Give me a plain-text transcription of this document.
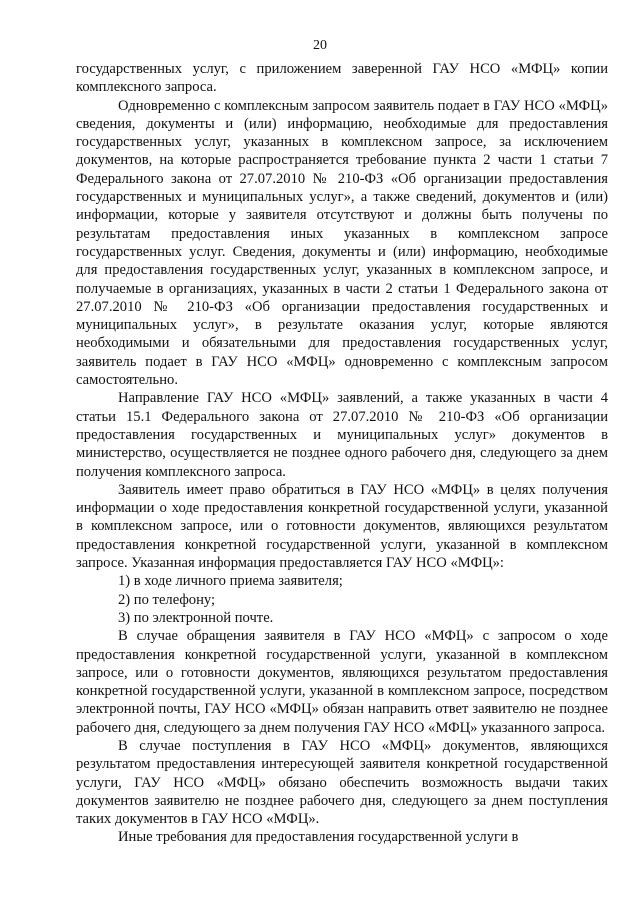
20

государственных услуг, с приложением заверенной ГАУ НСО «МФЦ» копии комплексного запроса.

Одновременно с комплексным запросом заявитель подает в ГАУ НСО «МФЦ» сведения, документы и (или) информацию, необходимые для предоставления государственных услуг, указанных в комплексном запросе, за исключением документов, на которые распространяется требование пункта 2 части 1 статьи 7 Федерального закона от 27.07.2010 № 210-ФЗ «Об организации предоставления государственных и муниципальных услуг», а также сведений, документов и (или) информации, которые у заявителя отсутствуют и должны быть получены по результатам предоставления иных указанных в комплексном запросе государственных услуг. Сведения, документы и (или) информацию, необходимые для предоставления государственных услуг, указанных в комплексном запросе, и получаемые в организациях, указанных в части 2 статьи 1 Федерального закона от 27.07.2010 № 210-ФЗ «Об организации предоставления государственных и муниципальных услуг», в результате оказания услуг, которые являются необходимыми и обязательными для предоставления государственных услуг, заявитель подает в ГАУ НСО «МФЦ» одновременно с комплексным запросом самостоятельно.

Направление ГАУ НСО «МФЦ» заявлений, а также указанных в части 4 статьи 15.1 Федерального закона от 27.07.2010 № 210-ФЗ «Об организации предоставления государственных и муниципальных услуг» документов в министерство, осуществляется не позднее одного рабочего дня, следующего за днем получения комплексного запроса.

Заявитель имеет право обратиться в ГАУ НСО «МФЦ» в целях получения информации о ходе предоставления конкретной государственной услуги, указанной в комплексном запросе, или о готовности документов, являющихся результатом предоставления конкретной государственной услуги, указанной в комплексном запросе. Указанная информация предоставляется ГАУ НСО «МФЦ»:

1) в ходе личного приема заявителя;

2) по телефону;

3) по электронной почте.

В случае обращения заявителя в ГАУ НСО «МФЦ» с запросом о ходе предоставления конкретной государственной услуги, указанной в комплексном запросе, или о готовности документов, являющихся результатом предоставления конкретной государственной услуги, указанной в комплексном запросе, посредством электронной почты, ГАУ НСО «МФЦ» обязан направить ответ заявителю не позднее рабочего дня, следующего за днем получения ГАУ НСО «МФЦ» указанного запроса.

В случае поступления в ГАУ НСО «МФЦ» документов, являющихся результатом предоставления интересующей заявителя конкретной государственной услуги, ГАУ НСО «МФЦ» обязано обеспечить возможность выдачи таких документов заявителю не позднее рабочего дня, следующего за днем поступления таких документов в ГАУ НСО «МФЦ».

Иные требования для предоставления государственной услуги в
